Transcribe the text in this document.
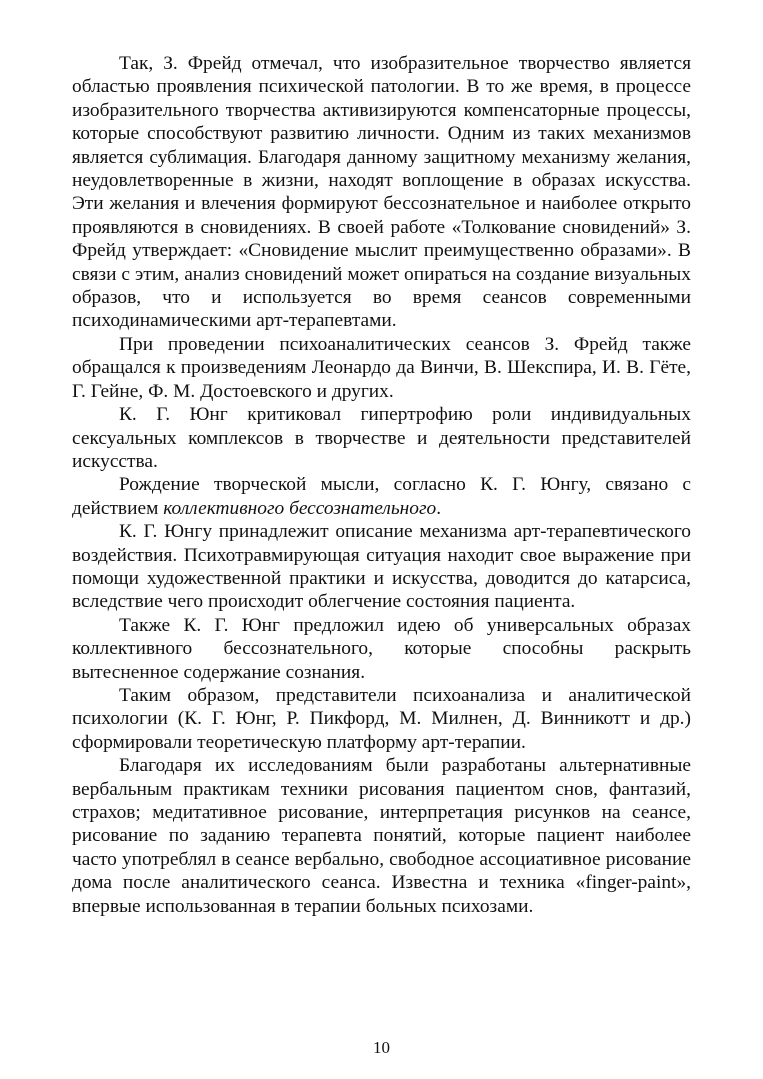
Так, З. Фрейд отмечал, что изобразительное творчество является областью проявления психической патологии. В то же время, в процессе изобразительного творчества активизируются компенсаторные процессы, которые способствуют развитию личности. Одним из таких механизмов является сублимация. Благодаря данному защитному механизму желания, неудовлетворенные в жизни, находят воплощение в образах искусства. Эти желания и влечения формируют бессознательное и наиболее открыто проявляются в сновидениях. В своей работе «Толкование сновидений» З. Фрейд утверждает: «Сновидение мыслит преимущественно образами». В связи с этим, анализ сновидений может опираться на создание визуальных образов, что и используется во время сеансов современными психодинамическими арт-терапевтами.

При проведении психоаналитических сеансов З. Фрейд также обращался к произведениям Леонардо да Винчи, В. Шекспира, И. В. Гёте, Г. Гейне, Ф. М. Достоевского и других.

К. Г. Юнг критиковал гипертрофию роли индивидуальных сексуальных комплексов в творчестве и деятельности представителей искусства.

Рождение творческой мысли, согласно К. Г. Юнгу, связано с действием коллективного бессознательного.

К. Г. Юнгу принадлежит описание механизма арт-терапевтического воздействия. Психотравмирующая ситуация находит свое выражение при помощи художественной практики и искусства, доводится до катарсиса, вследствие чего происходит облегчение состояния пациента.

Также К. Г. Юнг предложил идею об универсальных образах коллективного бессознательного, которые способны раскрыть вытесненное содержание сознания.

Таким образом, представители психоанализа и аналитической психологии (К. Г. Юнг, Р. Пикфорд, М. Милнен, Д. Винникотт и др.) сформировали теоретическую платформу арт-терапии.

Благодаря их исследованиям были разработаны альтернативные вербальным практикам техники рисования пациентом снов, фантазий, страхов; медитативное рисование, интерпретация рисунков на сеансе, рисование по заданию терапевта понятий, которые пациент наиболее часто употреблял в сеансе вербально, свободное ассоциативное рисование дома после аналитического сеанса. Известна и техника «finger-paint», впервые использованная в терапии больных психозами.

10
